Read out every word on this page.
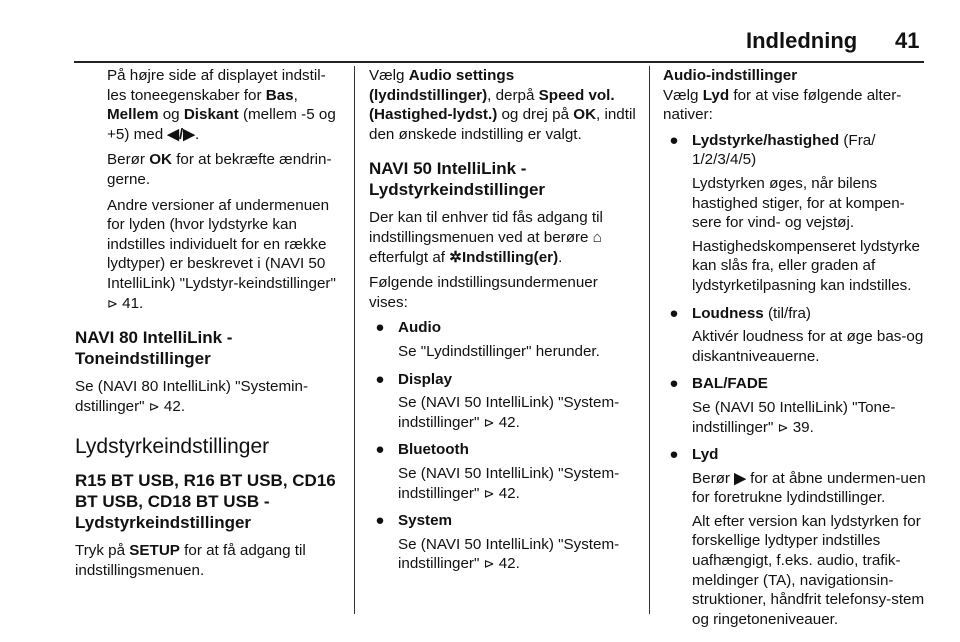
Indledning 41

På højre side af displayet indstil-les toneegenskaber for Bas, Mellem og Diskant (mellem -5 og +5) med ◀/▶.

Berør OK for at bekræfte ændrin-gerne.

Andre versioner af undermenuen for lyden (hvor lydstyrke kan indstilles individuelt for en række lydtyper) er beskrevet i (NAVI 50 IntelliLink) "Lydstyr-keindstillinger" ⊳ 41.

NAVI 80 IntelliLink - Toneindstillinger

Se (NAVI 80 IntelliLink) "Systemin-dstillinger" ⊳ 42.

Lydstyrkeindstillinger
R15 BT USB, R16 BT USB, CD16 BT USB, CD18 BT USB - Lydstyrkeindstillinger

Tryk på SETUP for at få adgang til indstillingsmenuen.

Vælg Audio settings (lydindstillinger), derpå Speed vol. (Hastighed-lydst.) og drej på OK, indtil den ønskede indstilling er valgt.

NAVI 50 IntelliLink - Lydstyrkeindstillinger

Der kan til enhver tid fås adgang til indstillingsmenuen ved at berøre ⌂ efterfulgt af ✲Indstilling(er).

Følgende indstillingsundermenuer vises:

● Audio

Se "Lydindstillinger" herunder.

● Display

Se (NAVI 50 IntelliLink) "System-indstillinger" ⊳ 42.

● Bluetooth

Se (NAVI 50 IntelliLink) "System-indstillinger" ⊳ 42.

● System

Se (NAVI 50 IntelliLink) "System-indstillinger" ⊳ 42.

Audio-indstillinger

Vælg Lyd for at vise følgende alter-nativer:

● Lydstyrke/hastighed (Fra/ 1/2/3/4/5)

Lydstyrken øges, når bilens hastighed stiger, for at kompen-sere for vind- og vejstøj.

Hastighedskompenseret lydstyrke kan slås fra, eller graden af lydstyrketilpasning kan indstilles.

● Loudness (til/fra)

Aktivér loudness for at øge bas-og diskantniveauerne.

● BAL/FADE

Se (NAVI 50 IntelliLink) "Tone-indstillinger" ⊳ 39.

● Lyd

Berør ▶ for at åbne undermen-uen for foretrukne lydindstillinger.

Alt efter version kan lydstyrken for forskellige lydtyper indstilles uafhængigt, f.eks. audio, trafik-meldinger (TA), navigationsin-struktioner, håndfrit telefonsy-stem og ringetoneniveauer.
